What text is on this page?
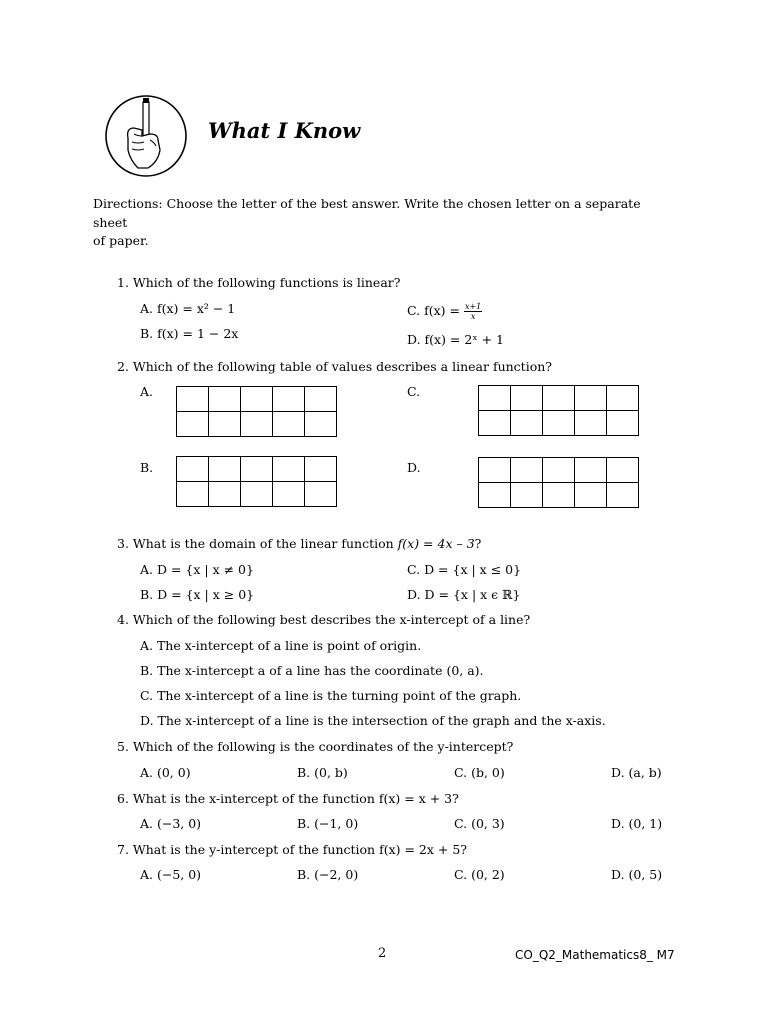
What I Know
Directions: Choose the letter of the best answer. Write the chosen letter on a separate
sheet
of paper.
1. Which of the following functions is linear?
A. f(x) = x² − 1
B. f(x) = 1 − 2x
C. $f(x) = \frac{x+1}{x}$
D. f(x) = 2ˣ + 1
2. Which of the following table of values describes a linear function?
A.	C.
B.	D.

3. What is the domain of the linear function f(x) = 4x – 3?
A. D = {x | x ≠ 0}	C. D = {x | x ≤ 0}
B. D = {x | x ≥ 0}	D. D = {x | x ϵ ℝ}
4. Which of the following best describes the x-intercept of a line?
A. The x-intercept of a line is point of origin.
B. The x-intercept a of a line has the coordinate (0, a).
C. The x-intercept of a line is the turning point of the graph.
D. The x-intercept of a line is the intersection of the graph and the x-axis.
5. Which of the following is the coordinates of the y-intercept?
A. (0, 0)	B. (0, b)	C. (b, 0)	D. (a, b)
6. What is the x-intercept of the function f(x) = x + 3?
A. (−3, 0)	B. (−1, 0)	C. (0, 3)	D. (0, 1)
7. What is the y-intercept of the function f(x) = 2x + 5?
A. (−5, 0)	B. (−2, 0)	C. (0, 2)	D. (0, 5)
2	CO_Q2_Mathematics8_ M7
